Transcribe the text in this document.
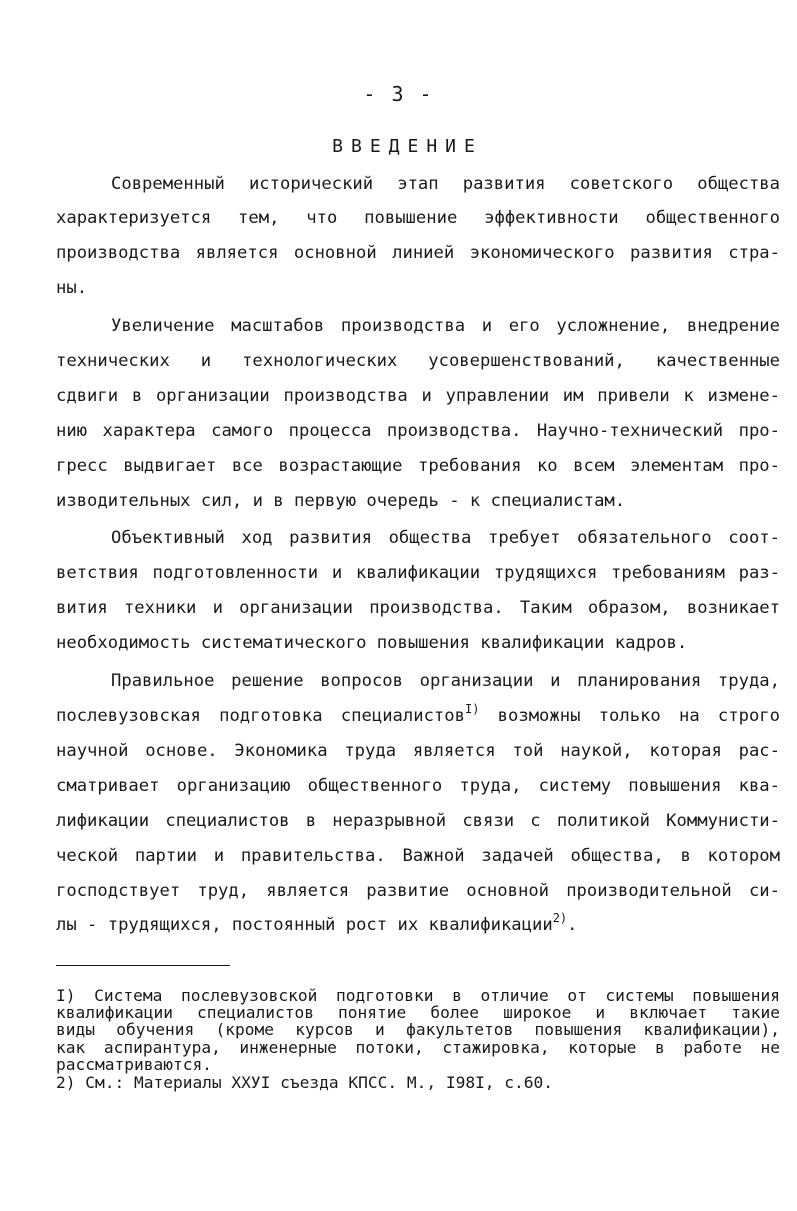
- 3 -
ВВЕДЕНИЕ
Современный исторический этап развития советского общества
характеризуется тем, что повышение эффективности общественного
производства является основной линией экономического развития стра-
ны.
Увеличение масштабов производства и его усложнение, внедрение
технических и технологических усовершенствований, качественные
сдвиги в организации производства и управлении им привели к измене-
нию характера самого процесса производства. Научно-технический про-
гресс выдвигает все возрастающие требования ко всем элементам про-
изводительных сил, и в первую очередь - к специалистам.
Объективный ход развития общества требует обязательного соот-
ветствия подготовленности и квалификации трудящихся требованиям раз-
вития техники и организации производства. Таким образом, возникает
необходимость систематического повышения квалификации кадров.
Правильное решение вопросов организации и планирования труда,
послевузовская подготовка специалистов$^{I)}$ возможны только на строго
научной основе. Экономика труда является той наукой, которая рас-
сматривает организацию общественного труда, систему повышения ква-
лификации специалистов в неразрывной связи с политикой Коммунисти-
ческой партии и правительства. Важной задачей общества, в котором
господствует труд, является развитие основной производительной си-
лы - трудящихся, постоянный рост их квалификации$^{2)}$.
I) Система послевузовской подготовки в отличие от системы повышения
квалификации специалистов понятие более широкое и включает такие
виды обучения (кроме курсов и факультетов повышения квалификации),
как аспирантура, инженерные потоки, стажировка, которые в работе не
рассматриваются.
2) См.: Материалы XXУI съезда КПСС. М., I98I, с.60.
